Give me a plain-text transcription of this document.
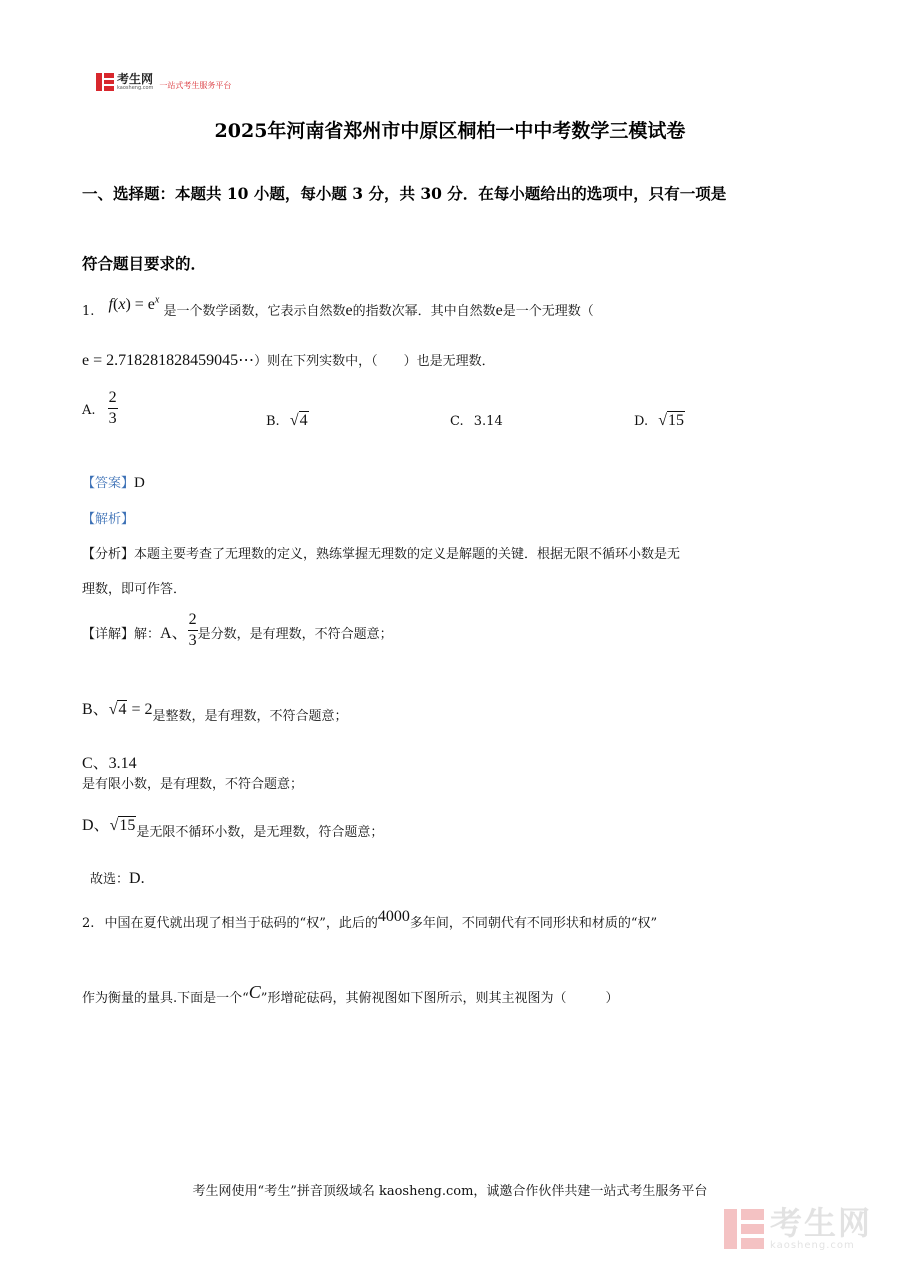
考生网
kaosheng.com 一站式考生服务平台
2025年河南省郑州市中原区桐柏一中中考数学三模试卷
一、选择题：本题共 10 小题，每小题 3 分，共 30 分．在每小题给出的选项中，只有一项是
符合题目要求的．
1. $f(x) = e^x$ 是一个数学函数，它表示自然数e的指数次幂．其中自然数e是一个无理数（
e = 2.718281828459045⋯）则在下列实数中，（　　）也是无理数．
A. $\frac{2}{3}$	B. √4	C. 3.14	D. √15
【答案】D
【解析】
【分析】本题主要考查了无理数的定义，熟练掌握无理数的定义是解题的关键．根据无限不循环小数是无
理数，即可作答．
【详解】解：A、 $\frac{2}{3}$ 是分数，是有理数，不符合题意；
B、√4 = 2是整数，是有理数，不符合题意；
C、3.14
是有限小数，是有理数，不符合题意；
D、√15是无限不循环小数，是无理数，符合题意；
故选：D.
2. 中国在夏代就出现了相当于砝码的“权”，此后的4000多年间，不同朝代有不同形状和材质的“权”
作为衡量的量具.下面是一个“C”形增砣砝码，其俯视图如下图所示，则其主视图为（　　　）
考生网使用“考生”拼音顶级域名 kaosheng.com，诚邀合作伙伴共建一站式考生服务平台
考生网
kaosheng.com
